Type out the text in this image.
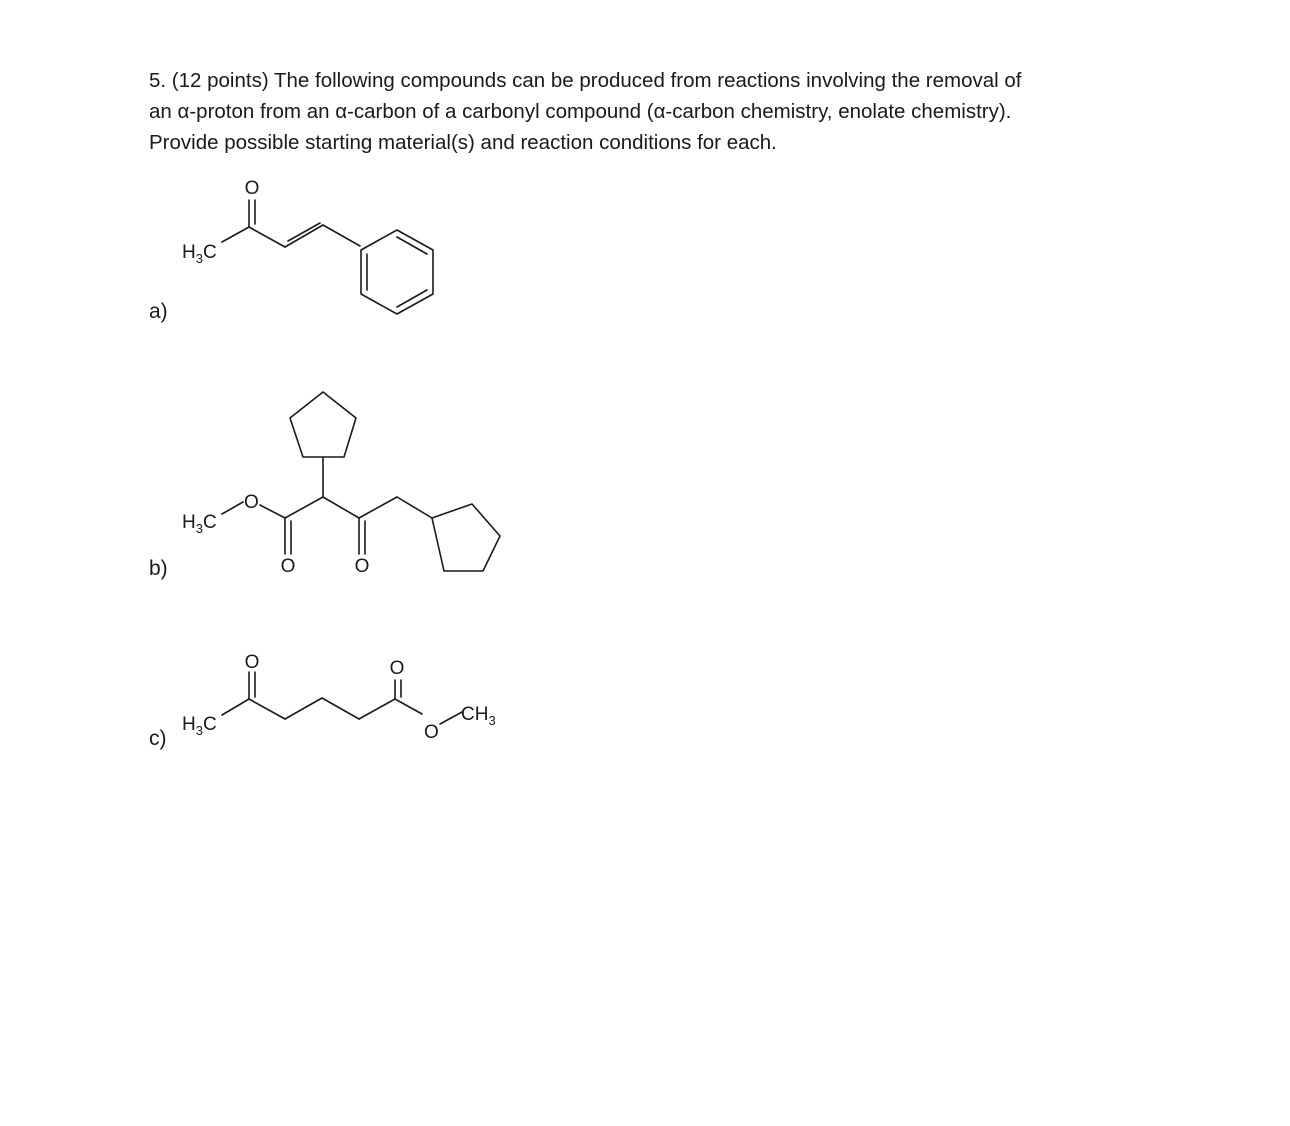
5. (12 points) The following compounds can be produced from reactions involving the removal of

an α-proton from an α-carbon of a carbonyl compound (α-carbon chemistry, enolate chemistry).

Provide possible starting material(s) and reaction conditions for each.

a)
b)
c)
O
$H_3C$
$H_3C$
O
O	O
O
$H_3C$
O
O
$CH_3$
